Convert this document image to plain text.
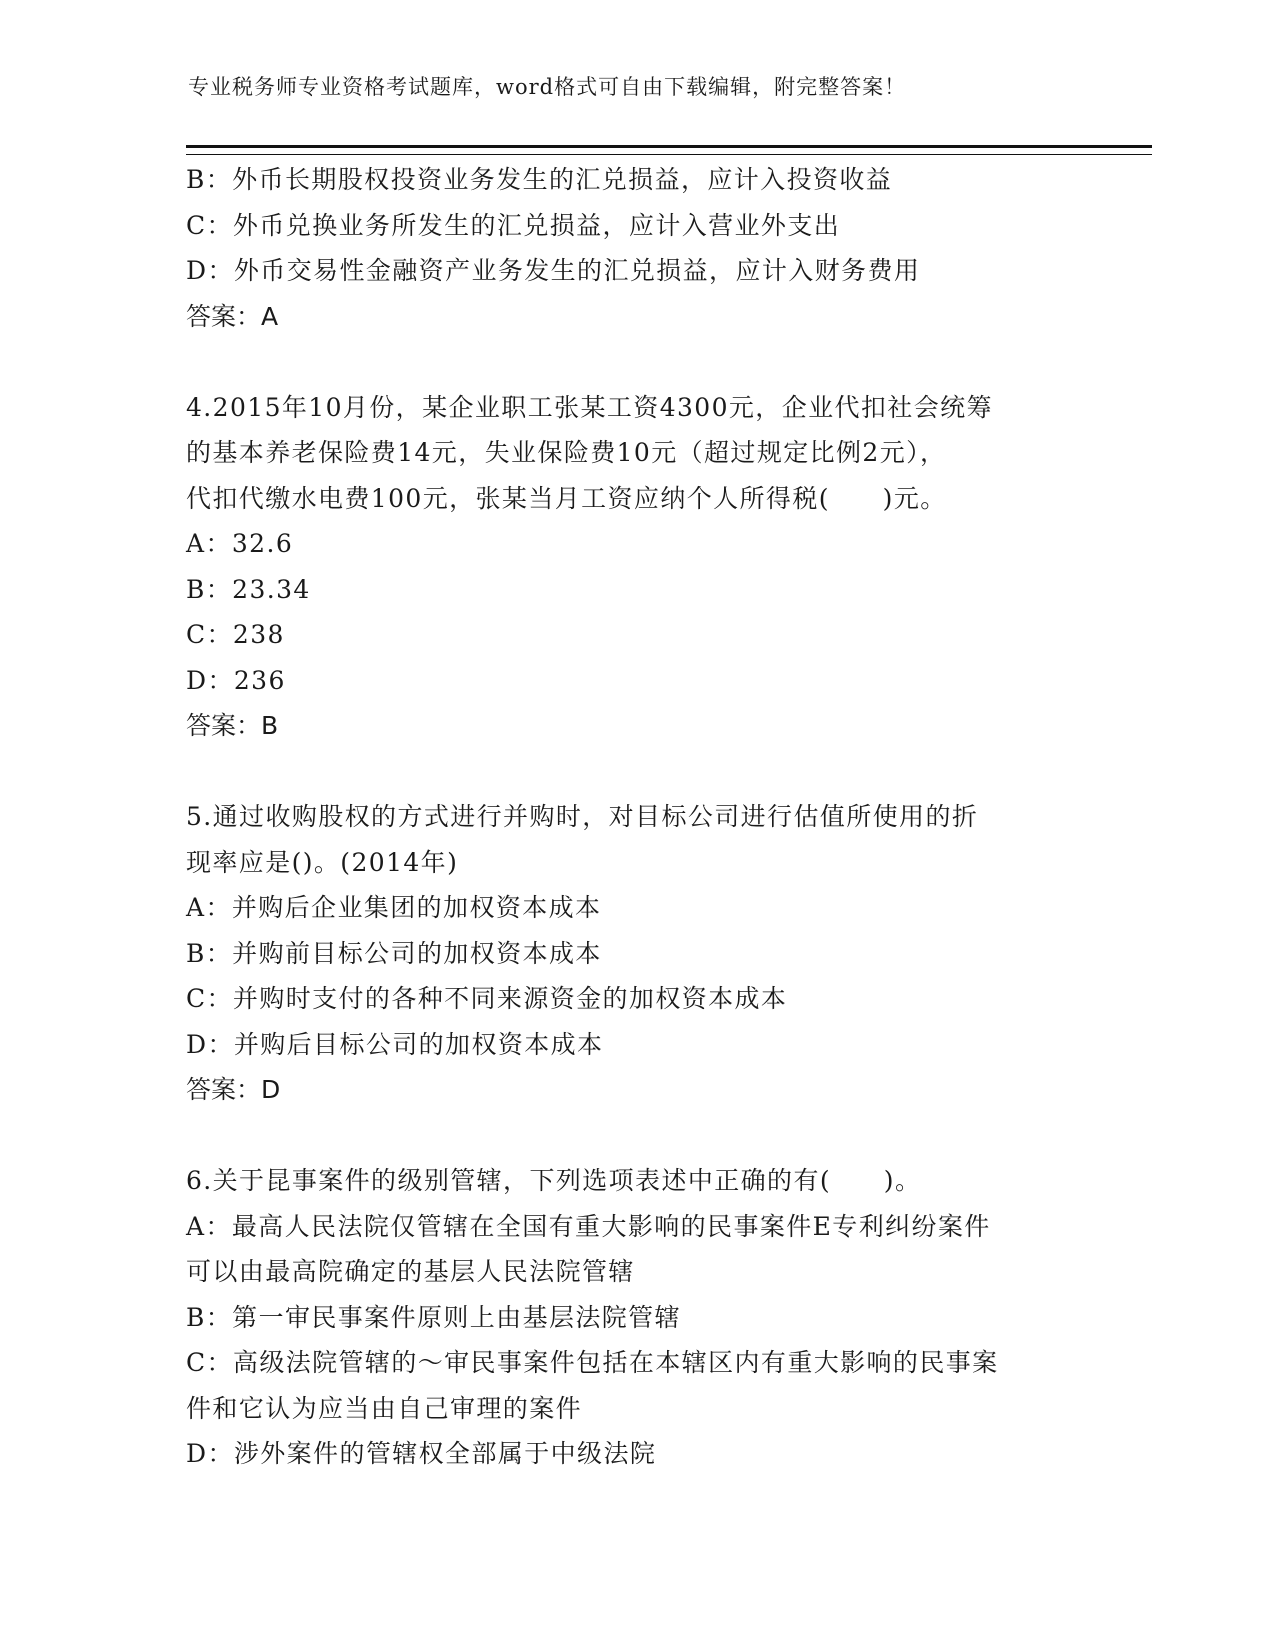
专业税务师专业资格考试题库，word格式可自由下载编辑，附完整答案！
B：外币长期股权投资业务发生的汇兑损益，应计入投资收益
C：外币兑换业务所发生的汇兑损益，应计入营业外支出
D：外币交易性金融资产业务发生的汇兑损益，应计入财务费用
答案：A
4.2015年10月份，某企业职工张某工资4300元，企业代扣社会统筹
的基本养老保险费14元，失业保险费10元（超过规定比例2元），
代扣代缴水电费100元，张某当月工资应纳个人所得税(　　)元。
A：32.6
B：23.34
C：238
D：236
答案：B
5.通过收购股权的方式进行并购时，对目标公司进行估值所使用的折
现率应是()。(2014年)
A：并购后企业集团的加权资本成本
B：并购前目标公司的加权资本成本
C：并购时支付的各种不同来源资金的加权资本成本
D：并购后目标公司的加权资本成本
答案：D
6.关于昆事案件的级别管辖，下列选项表述中正确的有(　　)。
A：最高人民法院仅管辖在全国有重大影响的民事案件E专利纠纷案件
可以由最高院确定的基层人民法院管辖
B：第一审民事案件原则上由基层法院管辖
C：高级法院管辖的～审民事案件包括在本辖区内有重大影响的民事案
件和它认为应当由自己审理的案件
D：涉外案件的管辖权全部属于中级法院
